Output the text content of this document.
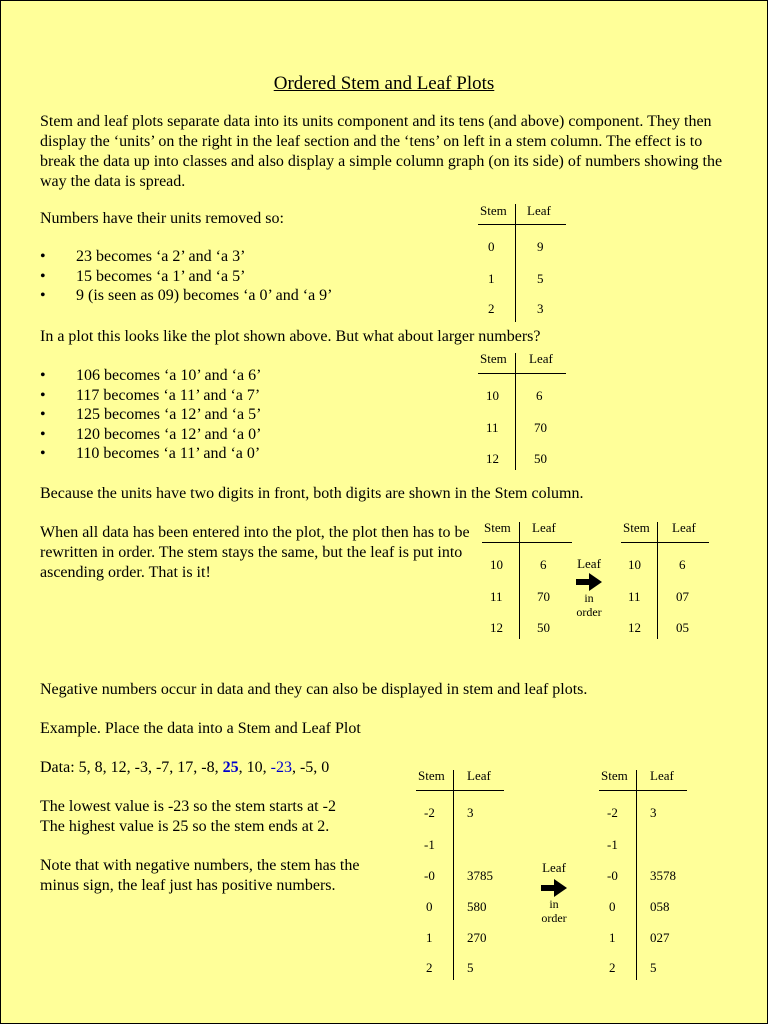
Ordered Stem and Leaf Plots
Stem and leaf plots separate data into its units component and its tens (and above) component. They then display the ‘units’ on the right in the leaf section and the ‘tens’ on left in a stem column. The effect is to break the data up into classes and also display a simple column graph (on its side) of numbers showing the way the data is spread.
Numbers have their units removed so:
• 23 becomes ‘a 2’ and ‘a 3’
• 15 becomes ‘a 1’ and ‘a 5’
• 9 (is seen as 09) becomes ‘a 0’ and ‘a 9’
In a plot this looks like the plot shown above. But what about larger numbers?
• 106 becomes ‘a 10’ and ‘a 6’
• 117 becomes ‘a 11’ and ‘a 7’
• 125 becomes ‘a 12’ and ‘a 5’
• 120 becomes ‘a 12’ and ‘a 0’
• 110 becomes ‘a 11’ and ‘a 0’
Because the units have two digits in front, both digits are shown in the Stem column.
When all data has been entered into the plot, the plot then has to be rewritten in order. The stem stays the same, but the leaf is put into ascending order. That is it!
Negative numbers occur in data and they can also be displayed in stem and leaf plots.
Example. Place the data into a Stem and Leaf Plot
Data: 5, 8, 12, -3, -7, 17, -8, 25, 10, -23, -5, 0
The lowest value is -23 so the stem starts at -2
The highest value is 25 so the stem ends at 2.
Note that with negative numbers, the stem has the minus sign, the leaf just has positive numbers.
Stem Leaf
0	9
1	5
2	3
Stem Leaf
10	6
11	70
12	50
Stem Leaf
10	6
11	70
12	50
Leaf
in
order
Stem Leaf
10	6
11	07
12	05
Stem Leaf
-2 3
-1
-0 3785
0	580
1	270
2	5
Leaf
in
order
Stem Leaf
-2 3
-1
-0 3578
0	058
1	027
2	5
